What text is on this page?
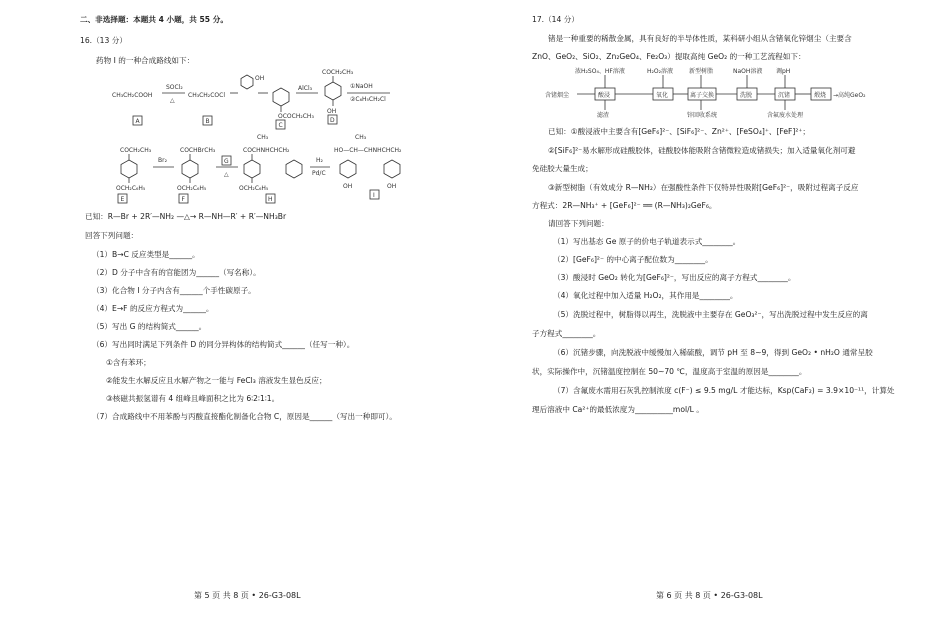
二、非选择题：本题共 4 小题，共 55 分。
16.（13 分）
药物 I 的一种合成路线如下：
CH₃CH₂COOH
SOCl₂
△
CH₃CH₂COCl
OH
OCOCH₂CH₃
C
AlCl₃
COCH₂CH₃
OH
D
①NaOH
②C₆H₅CH₂Cl
A	B
COCH₂CH₃
OCH₂C₆H₅
E
Br₂
COCHBrCH₃
OCH₂C₆H₅
F
G
△
CH₃
COCHNHCHCH₂
OCH₂C₆H₅
H
H₂
Pd/C
CH₃
HO—CH—CHNHCHCH₂
OH	OH
I
已知：R—Br + 2R′—NH₂ —△→ R—NH—R′ + R′—NH₃Br
回答下列问题：
（1）B→C 反应类型是______。
（2）D 分子中含有的官能团为______（写名称）。
（3）化合物 I 分子内含有______个手性碳原子。
（4）E→F 的反应方程式为______。
（5）写出 G 的结构简式______。
（6）写出同时满足下列条件 D 的同分异构体的结构简式______（任写一种）。
①含有苯环；
②能发生水解反应且水解产物之一能与 FeCl₃ 溶液发生显色反应；
③核磁共振氢谱有 4 组峰且峰面积之比为 6∶2∶1∶1。
（7）合成路线中不用苯酚与丙酸直接酯化制备化合物 C，原因是______（写出一种即可）。
第 5 页 共 8 页 • 26-G3-08L
17.（14 分）
锗是一种重要的稀散金属，具有良好的半导体性质，某科研小组从含锗氧化锌烟尘（主要含
ZnO、GeO₂、SiO₂、Zn₂GeO₄、Fe₂O₃）提取高纯 GeO₂ 的一种工艺流程如下：
浓H₂SO₄、HF溶液	H₂O₂溶液	新型树脂	NaOH溶液 调pH
含锗烟尘	酸浸	氧化	离子交换	洗脱	沉锗	煅烧 →高纯GeO₂
滤渣	锌回收系统	含氟废水处理
已知：①酸浸液中主要含有[GeF₆]²⁻、[SiF₆]²⁻、Zn²⁺、[FeSO₄]⁺、[FeF]²⁺；
②[SiF₆]²⁻易水解形成硅酸胶体，硅酸胶体能吸附含锗微粒造成锗损失；加入适量氧化剂可避
免硅胶大量生成；
③新型树脂（有效成分 R—NH₂）在强酸性条件下仅特异性吸附[GeF₆]²⁻，吸附过程离子反应
方程式：2R—NH₃⁺ + [GeF₆]²⁻ ══ (R—NH₃)₂GeF₆。
请回答下列问题：
（1）写出基态 Ge 原子的价电子轨道表示式________。
（2）[GeF₆]²⁻ 的中心离子配位数为________。
（3）酸浸时 GeO₂ 转化为[GeF₆]²⁻，写出反应的离子方程式________。
（4）氧化过程中加入适量 H₂O₂，其作用是________。
（5）洗脱过程中，树脂得以再生，洗脱液中主要存在 GeO₃²⁻，写出洗脱过程中发生反应的离
子方程式________。
（6）沉锗步骤，向洗脱液中缓慢加入稀硫酸，调节 pH 至 8~9，得到 GeO₂ • nH₂O 通常呈胶
状，实际操作中，沉锗温度控制在 50~70 ℃，温度高于室温的原因是________。
（7）含氟废水需用石灰乳控制浓度 c(F⁻) ≤ 9.5 mg/L 才能达标，Ksp(CaF₂) = 3.9×10⁻¹¹，计算处
理后溶液中 Ca²⁺的最低浓度为__________mol/L 。
第 6 页 共 8 页 • 26-G3-08L
